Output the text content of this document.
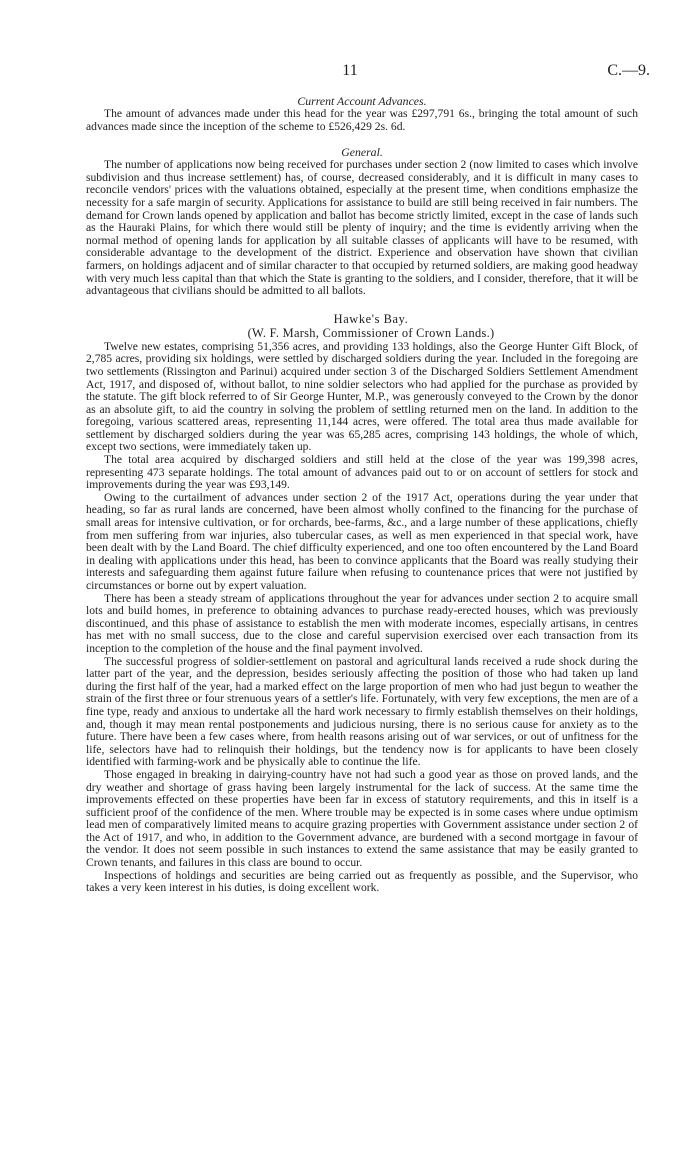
11	C.—9.

Current Account Advances.

The amount of advances made under this head for the year was £297,791 6s., bringing the total amount of such advances made since the inception of the scheme to £526,429 2s. 6d.

General.

The number of applications now being received for purchases under section 2 (now limited to cases which involve subdivision and thus increase settlement) has, of course, decreased considerably, and it is difficult in many cases to reconcile vendors' prices with the valuations obtained, especially at the present time, when conditions emphasize the necessity for a safe margin of security. Applications for assistance to build are still being received in fair numbers. The demand for Crown lands opened by application and ballot has become strictly limited, except in the case of lands such as the Hauraki Plains, for which there would still be plenty of inquiry; and the time is evidently arriving when the normal method of opening lands for application by all suitable classes of applicants will have to be resumed, with considerable advantage to the development of the district. Experience and observation have shown that civilian farmers, on holdings adjacent and of similar character to that occupied by returned soldiers, are making good headway with very much less capital than that which the State is granting to the soldiers, and I consider, therefore, that it will be advantageous that civilians should be admitted to all ballots.

Hawke's Bay.

(W. F. Marsh, Commissioner of Crown Lands.)

Twelve new estates, comprising 51,356 acres, and providing 133 holdings, also the George Hunter Gift Block, of 2,785 acres, providing six holdings, were settled by discharged soldiers during the year. Included in the foregoing are two settlements (Rissington and Parinui) acquired under section 3 of the Discharged Soldiers Settlement Amendment Act, 1917, and disposed of, without ballot, to nine soldier selectors who had applied for the purchase as provided by the statute. The gift block referred to of Sir George Hunter, M.P., was generously conveyed to the Crown by the donor as an absolute gift, to aid the country in solving the problem of settling returned men on the land. In addition to the foregoing, various scattered areas, representing 11,144 acres, were offered. The total area thus made available for settlement by discharged soldiers during the year was 65,285 acres, comprising 143 holdings, the whole of which, except two sections, were immediately taken up.

The total area acquired by discharged soldiers and still held at the close of the year was 199,398 acres, representing 473 separate holdings. The total amount of advances paid out to or on account of settlers for stock and improvements during the year was £93,149.

Owing to the curtailment of advances under section 2 of the 1917 Act, operations during the year under that heading, so far as rural lands are concerned, have been almost wholly confined to the financing for the purchase of small areas for intensive cultivation, or for orchards, bee-farms, &c., and a large number of these applications, chiefly from men suffering from war injuries, also tubercular cases, as well as men experienced in that special work, have been dealt with by the Land Board. The chief difficulty experienced, and one too often encountered by the Land Board in dealing with applications under this head, has been to convince applicants that the Board was really studying their interests and safeguarding them against future failure when refusing to countenance prices that were not justified by circumstances or borne out by expert valuation.

There has been a steady stream of applications throughout the year for advances under section 2 to acquire small lots and build homes, in preference to obtaining advances to purchase ready-erected houses, which was previously discontinued, and this phase of assistance to establish the men with moderate incomes, especially artisans, in centres has met with no small success, due to the close and careful supervision exercised over each transaction from its inception to the completion of the house and the final payment involved.

The successful progress of soldier-settlement on pastoral and agricultural lands received a rude shock during the latter part of the year, and the depression, besides seriously affecting the position of those who had taken up land during the first half of the year, had a marked effect on the large proportion of men who had just begun to weather the strain of the first three or four strenuous years of a settler's life. Fortunately, with very few exceptions, the men are of a fine type, ready and anxious to undertake all the hard work necessary to firmly establish themselves on their holdings, and, though it may mean rental postponements and judicious nursing, there is no serious cause for anxiety as to the future. There have been a few cases where, from health reasons arising out of war services, or out of unfitness for the life, selectors have had to relinquish their holdings, but the tendency now is for applicants to have been closely identified with farming-work and be physically able to continue the life.

Those engaged in breaking in dairying-country have not had such a good year as those on proved lands, and the dry weather and shortage of grass having been largely instrumental for the lack of success. At the same time the improvements effected on these properties have been far in excess of statutory requirements, and this in itself is a sufficient proof of the confidence of the men. Where trouble may be expected is in some cases where undue optimism lead men of comparatively limited means to acquire grazing properties with Government assistance under section 2 of the Act of 1917, and who, in addition to the Government advance, are burdened with a second mortgage in favour of the vendor. It does not seem possible in such instances to extend the same assistance that may be easily granted to Crown tenants, and failures in this class are bound to occur.

Inspections of holdings and securities are being carried out as frequently as possible, and the Supervisor, who takes a very keen interest in his duties, is doing excellent work.
